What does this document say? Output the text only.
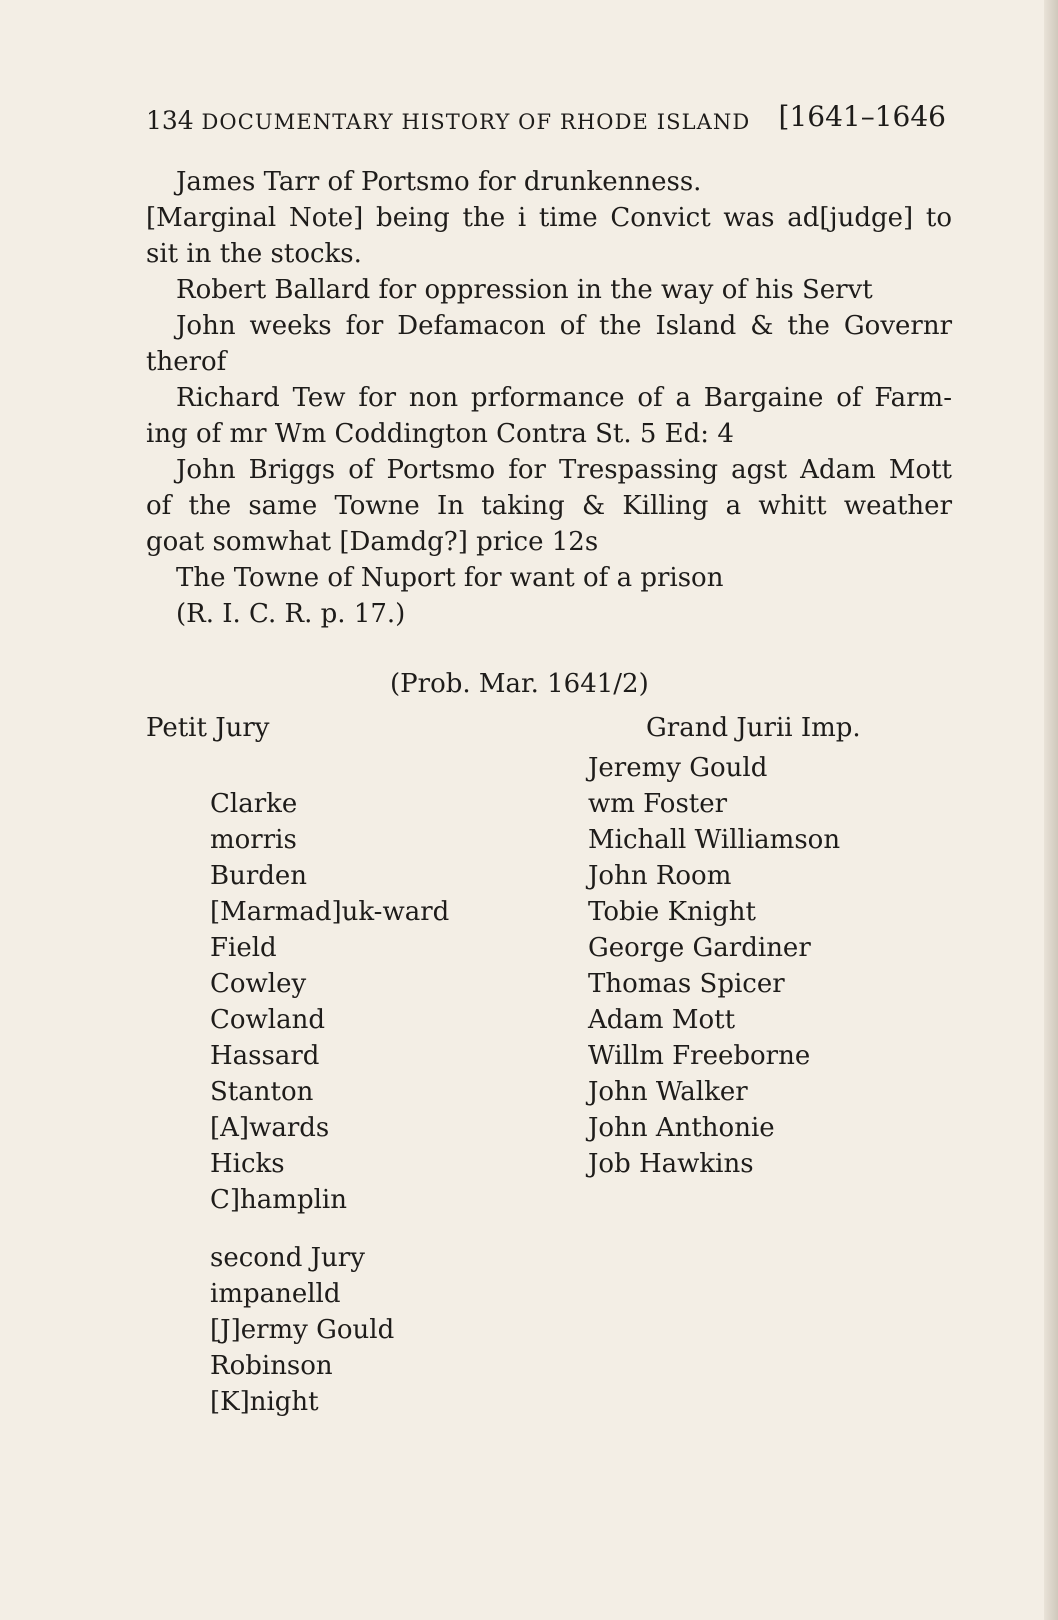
134 DOCUMENTARY HISTORY OF RHODE ISLAND [1641–1646
James Tarr of Portsmo for drunkenness.
[Marginal Note] being the i time Convict was ad[judge] to
sit in the stocks.
Robert Ballard for oppression in the way of his Servt
John weeks for Defamacon of the Island & the Governr
therof
Richard Tew for non prformance of a Bargaine of Farm-
ing of mr Wm Coddington Contra St. 5 Ed: 4
John Briggs of Portsmo for Trespassing agst Adam Mott
of the same Towne In taking & Killing a whitt weather
goat somwhat [Damdg?] price 12s
The Towne of Nuport for want of a prison
(R. I. C. R. p. 17.)
(Prob. Mar. 1641/2)
Petit Jury	Grand Jurii Imp.
Clarke
morris
Burden
[Marmad]uk-ward
Field
Cowley
Cowland
Hassard
Stanton
[A]wards
Hicks
C]hamplin
second Jury
impanelld
[J]ermy Gould
Robinson
[K]night
Jeremy Gould
wm Foster
Michall Williamson
John Room
Tobie Knight
George Gardiner
Thomas Spicer
Adam Mott
Willm Freeborne
John Walker
John Anthonie
Job Hawkins
